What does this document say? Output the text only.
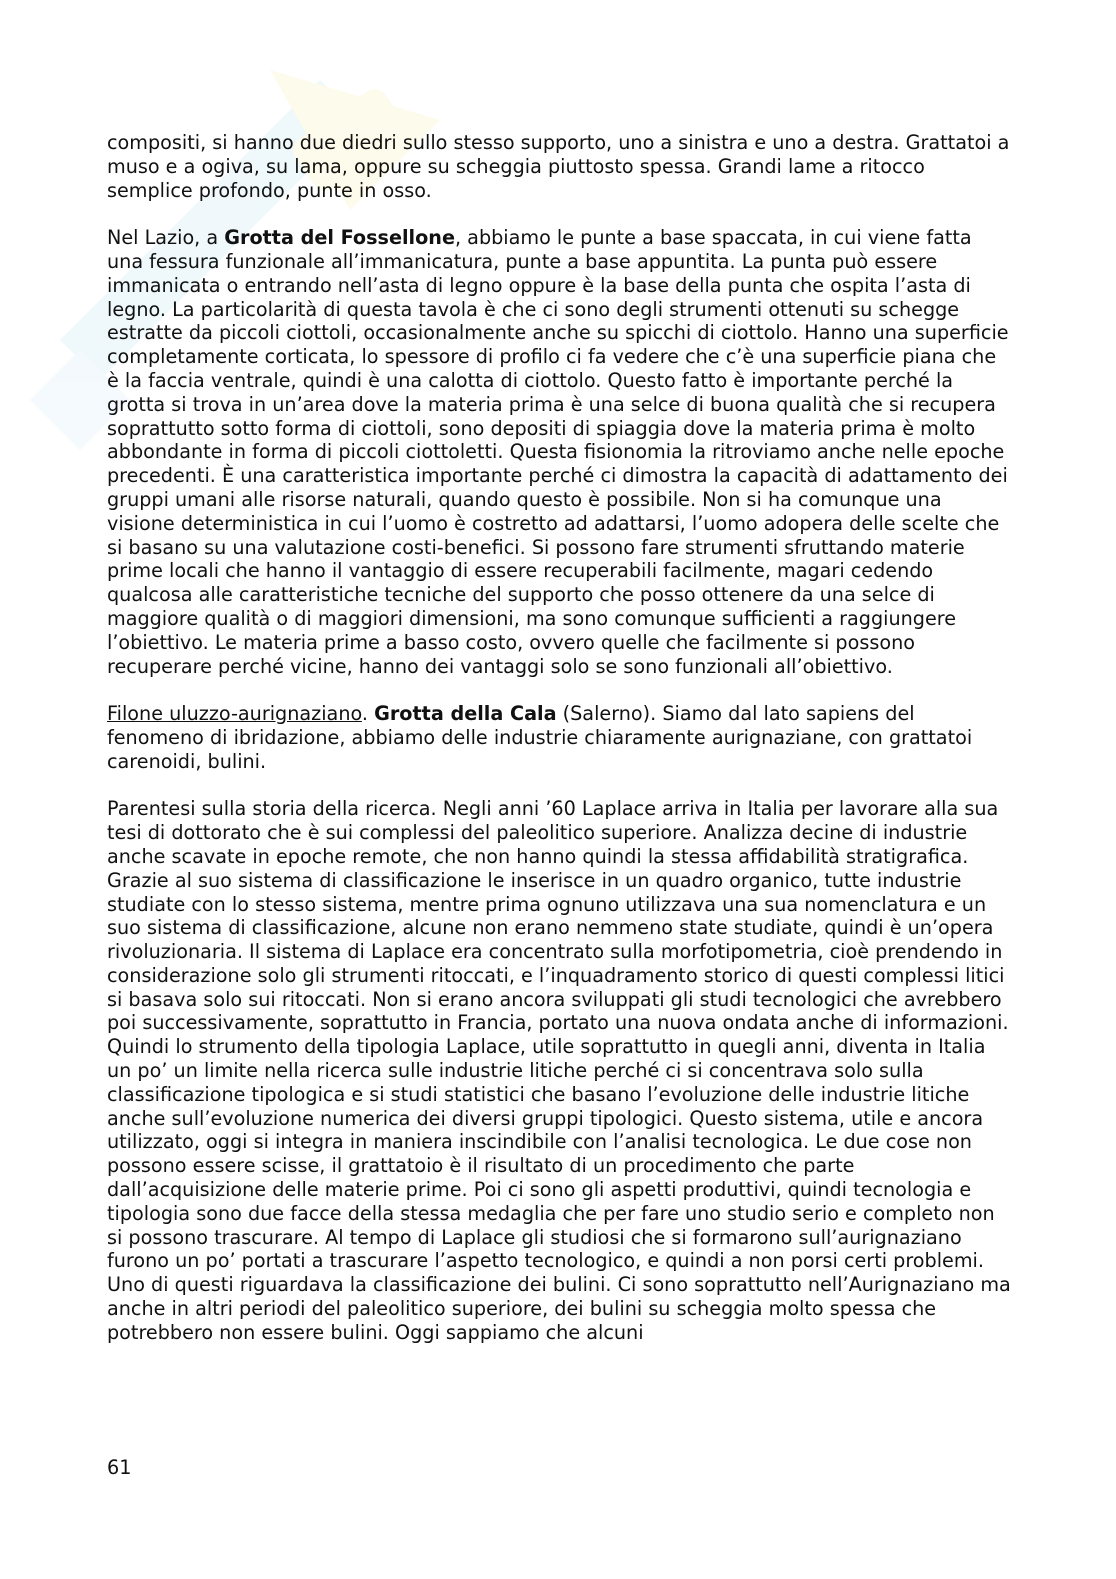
compositi, si hanno due diedri sullo stesso supporto, uno a sinistra e uno a destra. Grattatoi a muso e a ogiva, su lama, oppure su scheggia piuttosto spessa. Grandi lame a ritocco semplice profondo, punte in osso.

Nel Lazio, a Grotta del Fossellone, abbiamo le punte a base spaccata, in cui viene fatta una fessura funzionale all’immanicatura, punte a base appuntita. La punta può essere immanicata o entrando nell’asta di legno oppure è la base della punta che ospita l’asta di legno. La particolarità di questa tavola è che ci sono degli strumenti ottenuti su schegge estratte da piccoli ciottoli, occasionalmente anche su spicchi di ciottolo. Hanno una superficie completamente corticata, lo spessore di profilo ci fa vedere che c’è una superficie piana che è la faccia ventrale, quindi è una calotta di ciottolo. Questo fatto è importante perché la grotta si trova in un’area dove la materia prima è una selce di buona qualità che si recupera soprattutto sotto forma di ciottoli, sono depositi di spiaggia dove la materia prima è molto abbondante in forma di piccoli ciottoletti. Questa fisionomia la ritroviamo anche nelle epoche precedenti. È una caratteristica importante perché ci dimostra la capacità di adattamento dei gruppi umani alle risorse naturali, quando questo è possibile. Non si ha comunque una visione deterministica in cui l’uomo è costretto ad adattarsi, l’uomo adopera delle scelte che si basano su una valutazione costi-benefici. Si possono fare strumenti sfruttando materie prime locali che hanno il vantaggio di essere recuperabili facilmente, magari cedendo qualcosa alle caratteristiche tecniche del supporto che posso ottenere da una selce di maggiore qualità o di maggiori dimensioni, ma sono comunque sufficienti a raggiungere l’obiettivo. Le materia prime a basso costo, ovvero quelle che facilmente si possono recuperare perché vicine, hanno dei vantaggi solo se sono funzionali all’obiettivo.

Filone uluzzo-aurignaziano. Grotta della Cala (Salerno). Siamo dal lato sapiens del fenomeno di ibridazione, abbiamo delle industrie chiaramente aurignaziane, con grattatoi carenoidi, bulini.

Parentesi sulla storia della ricerca. Negli anni ’60 Laplace arriva in Italia per lavorare alla sua tesi di dottorato che è sui complessi del paleolitico superiore. Analizza decine di industrie anche scavate in epoche remote, che non hanno quindi la stessa affidabilità stratigrafica. Grazie al suo sistema di classificazione le inserisce in un quadro organico, tutte industrie studiate con lo stesso sistema, mentre prima ognuno utilizzava una sua nomenclatura e un suo sistema di classificazione, alcune non erano nemmeno state studiate, quindi è un’opera rivoluzionaria. Il sistema di Laplace era concentrato sulla morfotipometria, cioè prendendo in considerazione solo gli strumenti ritoccati, e l’inquadramento storico di questi complessi litici si basava solo sui ritoccati. Non si erano ancora sviluppati gli studi tecnologici che avrebbero poi successivamente, soprattutto in Francia, portato una nuova ondata anche di informazioni. Quindi lo strumento della tipologia Laplace, utile soprattutto in quegli anni, diventa in Italia un po’ un limite nella ricerca sulle industrie litiche perché ci si concentrava solo sulla classificazione tipologica e si studi statistici che basano l’evoluzione delle industrie litiche anche sull’evoluzione numerica dei diversi gruppi tipologici. Questo sistema, utile e ancora utilizzato, oggi si integra in maniera inscindibile con l’analisi tecnologica. Le due cose non possono essere scisse, il grattatoio è il risultato di un procedimento che parte dall’acquisizione delle materie prime. Poi ci sono gli aspetti produttivi, quindi tecnologia e tipologia sono due facce della stessa medaglia che per fare uno studio serio e completo non si possono trascurare. Al tempo di Laplace gli studiosi che si formarono sull’aurignaziano furono un po’ portati a trascurare l’aspetto tecnologico, e quindi a non porsi certi problemi. Uno di questi riguardava la classificazione dei bulini. Ci sono soprattutto nell’Aurignaziano ma anche in altri periodi del paleolitico superiore, dei bulini su scheggia molto spessa che potrebbero non essere bulini. Oggi sappiamo che alcuni

61
